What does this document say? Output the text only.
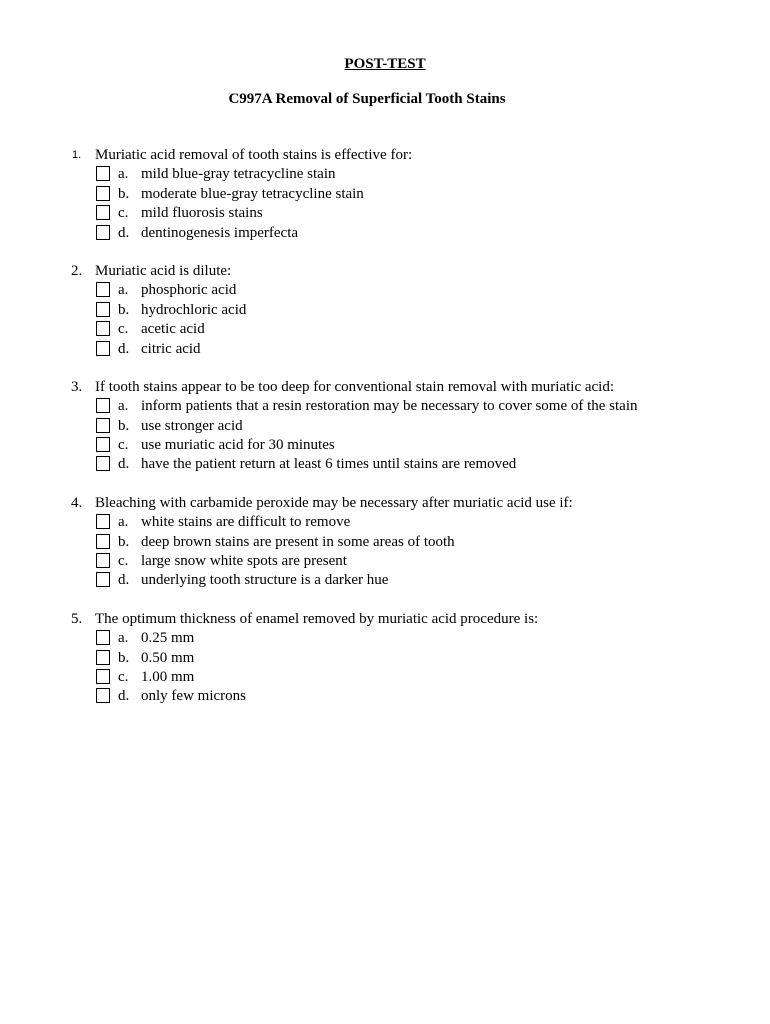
POST-TEST
C997A Removal of Superficial Tooth Stains
1. Muriatic acid removal of tooth stains is effective for:
a. mild blue-gray tetracycline stain
b. moderate blue-gray tetracycline stain
c. mild fluorosis stains
d. dentinogenesis imperfecta
2. Muriatic acid is dilute:
a. phosphoric acid
b. hydrochloric acid
c. acetic acid
d. citric acid
3. If tooth stains appear to be too deep for conventional stain removal with muriatic acid:
a. inform patients that a resin restoration may be necessary to cover some of the stain
b. use stronger acid
c. use muriatic acid for 30 minutes
d. have the patient return at least 6 times until stains are removed
4. Bleaching with carbamide peroxide may be necessary after muriatic acid use if:
a. white stains are difficult to remove
b. deep brown stains are present in some areas of tooth
c. large snow white spots are present
d. underlying tooth structure is a darker hue
5. The optimum thickness of enamel removed by muriatic acid procedure is:
a. 0.25 mm
b. 0.50 mm
c. 1.00 mm
d. only few microns
